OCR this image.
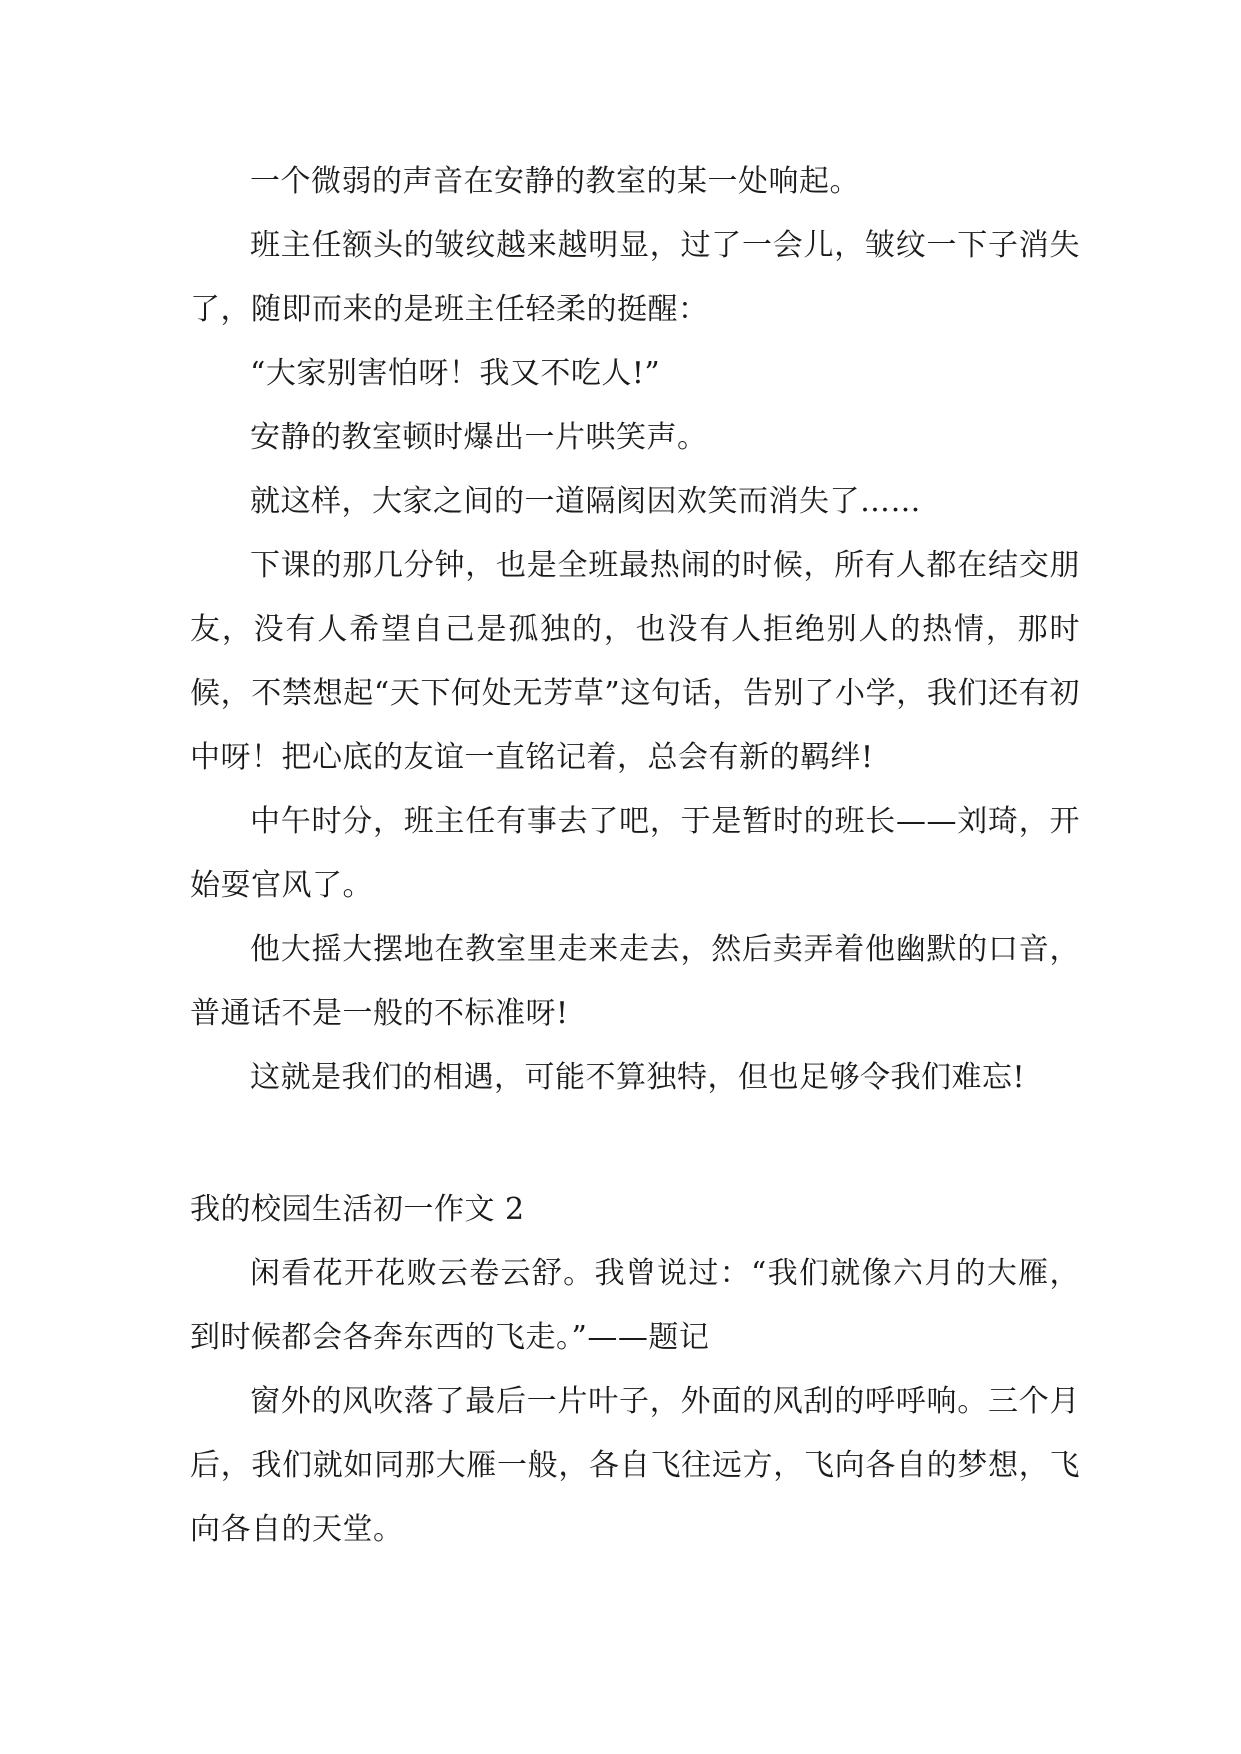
一个微弱的声音在安静的教室的某一处响起。

班主任额头的皱纹越来越明显，过了一会儿，皱纹一下子消失了，随即而来的是班主任轻柔的挺醒：

“大家别害怕呀！我又不吃人!”

安静的教室顿时爆出一片哄笑声。

就这样，大家之间的一道隔阂因欢笑而消失了……

下课的那几分钟，也是全班最热闹的时候，所有人都在结交朋友，没有人希望自己是孤独的，也没有人拒绝别人的热情，那时候，不禁想起“天下何处无芳草”这句话，告别了小学，我们还有初中呀！把心底的友谊一直铭记着，总会有新的羁绊!

中午时分，班主任有事去了吧，于是暂时的班长——刘琦，开始耍官风了。

他大摇大摆地在教室里走来走去，然后卖弄着他幽默的口音，普通话不是一般的不标准呀!

这就是我们的相遇，可能不算独特，但也足够令我们难忘!

我的校园生活初一作文 2

闲看花开花败云卷云舒。我曾说过：“我们就像六月的大雁，到时候都会各奔东西的飞走。”——题记

窗外的风吹落了最后一片叶子，外面的风刮的呼呼响。三个月后，我们就如同那大雁一般，各自飞往远方，飞向各自的梦想，飞向各自的天堂。
